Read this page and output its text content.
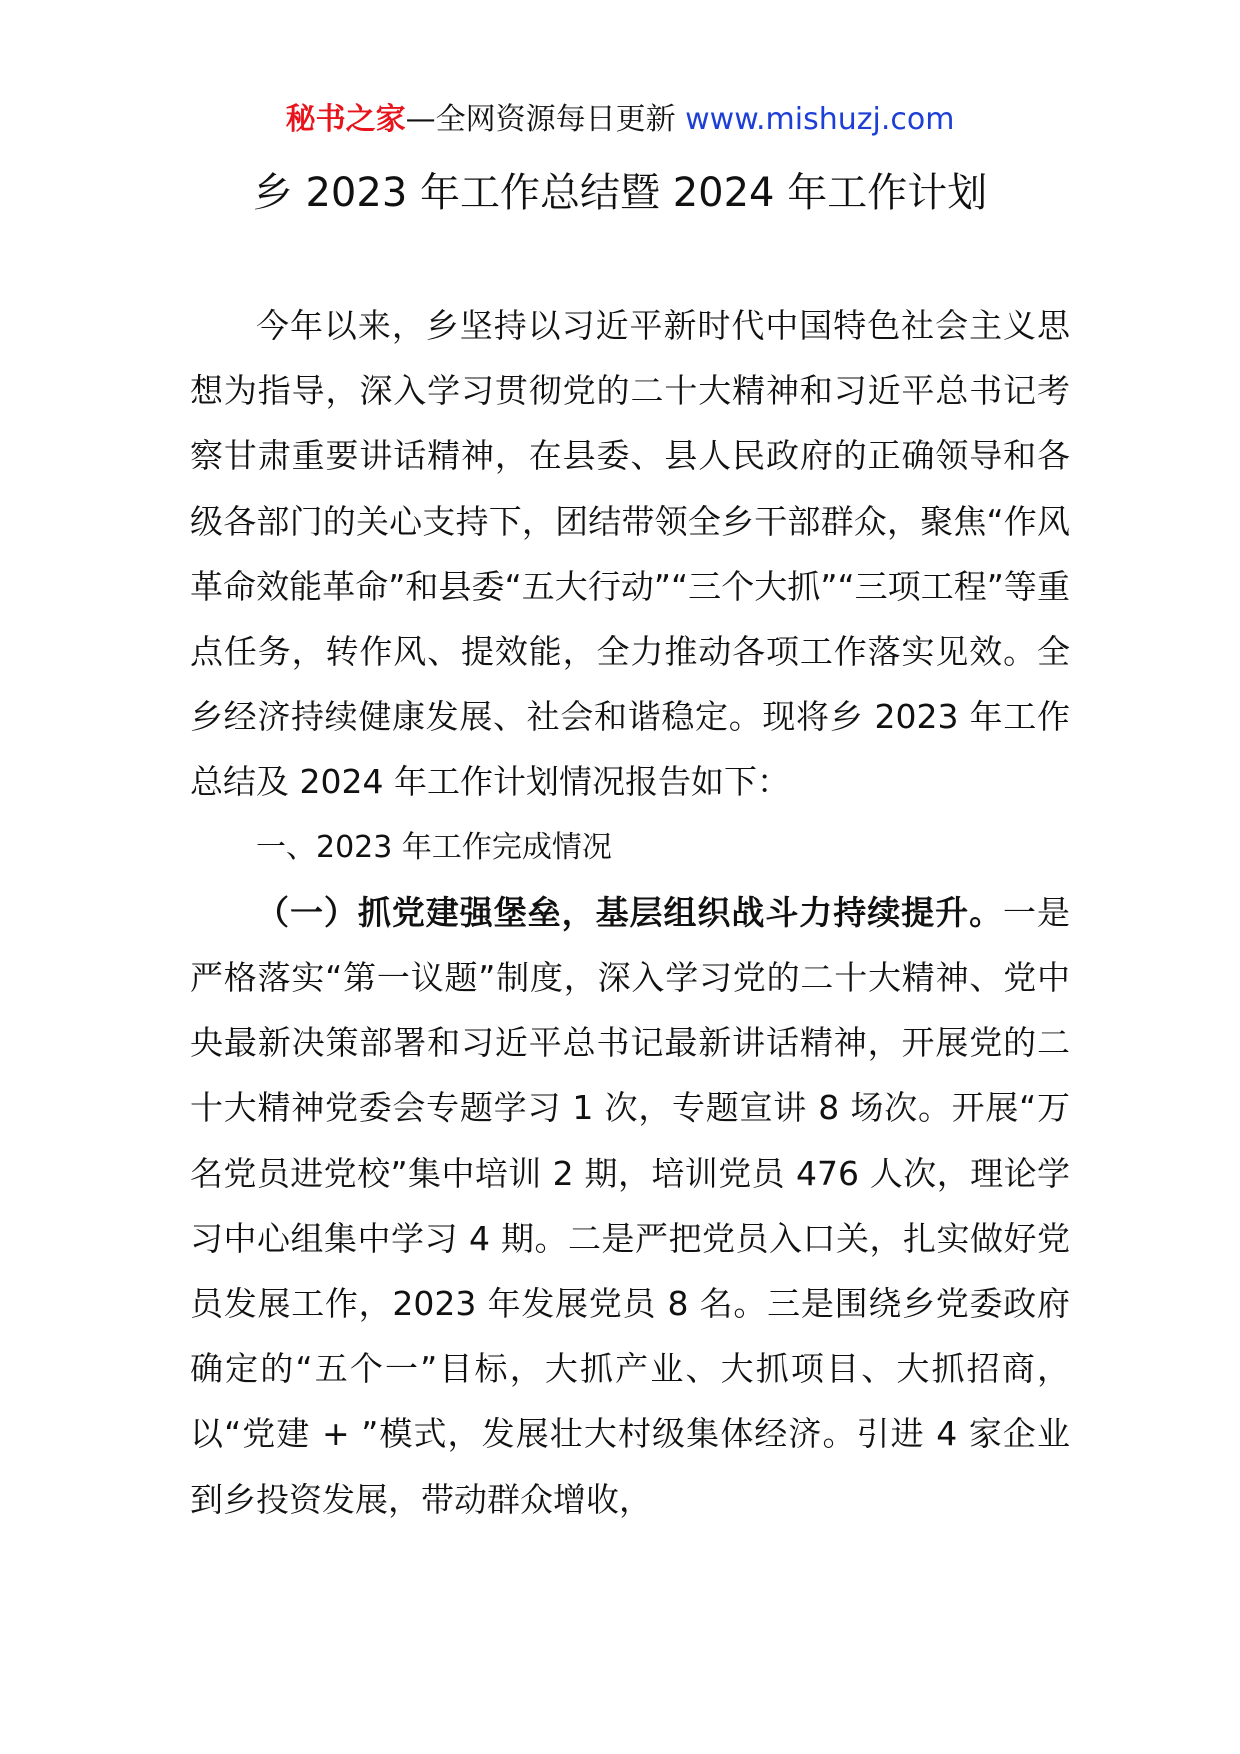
秘书之家—全网资源每日更新 www.mishuzj.com
乡 2023 年工作总结暨 2024 年工作计划

今年以来，乡坚持以习近平新时代中国特色社会主义思想为指导，深入学习贯彻党的二十大精神和习近平总书记考察甘肃重要讲话精神，在县委、县人民政府的正确领导和各级各部门的关心支持下，团结带领全乡干部群众，聚焦“作风革命效能革命”和县委“五大行动”“三个大抓”“三项工程”等重点任务，转作风、提效能，全力推动各项工作落实见效。全乡经济持续健康发展、社会和谐稳定。现将乡 2023 年工作总结及 2024 年工作计划情况报告如下：

一、2023 年工作完成情况

（一）抓党建强堡垒，基层组织战斗力持续提升。一是严格落实“第一议题”制度，深入学习党的二十大精神、党中央最新决策部署和习近平总书记最新讲话精神，开展党的二十大精神党委会专题学习 1 次，专题宣讲 8 场次。开展“万名党员进党校”集中培训 2 期，培训党员 476 人次，理论学习中心组集中学习 4 期。二是严把党员入口关，扎实做好党员发展工作，2023 年发展党员 8 名。三是围绕乡党委政府确定的“五个一”目标，大抓产业、大抓项目、大抓招商，以“党建 + ”模式，发展壮大村级集体经济。引进 4 家企业到乡投资发展，带动群众增收，
